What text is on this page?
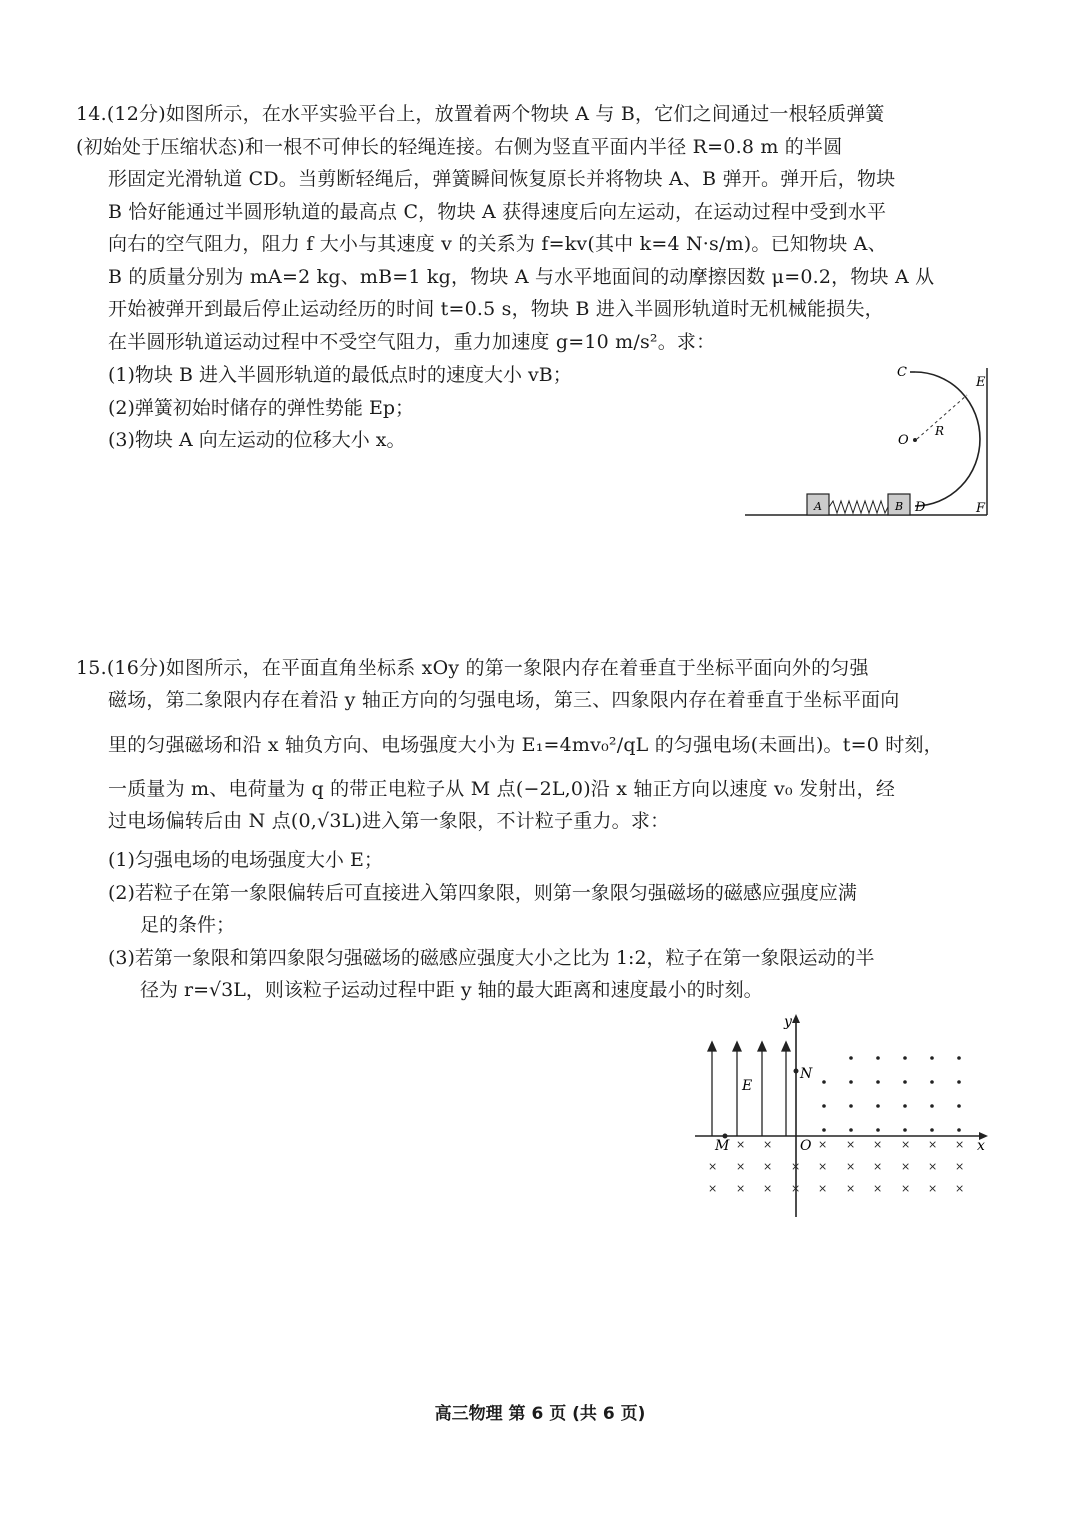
14.(12分)如图所示，在水平实验平台上，放置着两个物块 A 与 B，它们之间通过一根轻质弹簧
(初始处于压缩状态)和一根不可伸长的轻绳连接。右侧为竖直平面内半径 R=0.8 m 的半圆
形固定光滑轨道 CD。当剪断轻绳后，弹簧瞬间恢复原长并将物块 A、B 弹开。弹开后，物块
B 恰好能通过半圆形轨道的最高点 C，物块 A 获得速度后向左运动，在运动过程中受到水平
向右的空气阻力，阻力 f 大小与其速度 v 的关系为 f=kv(其中 k=4 N·s/m)。已知物块 A、
B 的质量分别为 mA=2 kg、mB=1 kg，物块 A 与水平地面间的动摩擦因数 μ=0.2，物块 A 从
开始被弹开到最后停止运动经历的时间 t=0.5 s，物块 B 进入半圆形轨道时无机械能损失，
在半圆形轨道运动过程中不受空气阻力，重力加速度 g=10 m/s²。求：
(1)物块 B 进入半圆形轨道的最低点时的速度大小 vB；
(2)弹簧初始时储存的弹性势能 Ep；
(3)物块 A 向左运动的位移大小 x。
C
E
O
R
A	B D	F
15.(16分)如图所示，在平面直角坐标系 xOy 的第一象限内存在着垂直于坐标平面向外的匀强
磁场，第二象限内存在着沿 y 轴正方向的匀强电场，第三、四象限内存在着垂直于坐标平面向
里的匀强磁场和沿 x 轴负方向、电场强度大小为 E₁=4mv₀²/qL 的匀强电场(未画出)。t=0 时刻，
一质量为 m、电荷量为 q 的带正电粒子从 M 点(−2L,0)沿 x 轴正方向以速度 v₀ 发射出，经
过电场偏转后由 N 点(0,√3L)进入第一象限，不计粒子重力。求：
(1)匀强电场的电场强度大小 E；
(2)若粒子在第一象限偏转后可直接进入第四象限，则第一象限匀强磁场的磁感应强度应满
足的条件；
(3)若第一象限和第四象限匀强磁场的磁感应强度大小之比为 1:2，粒子在第一象限运动的半
径为 r=√3L，则该粒子运动过程中距 y 轴的最大距离和速度最小的时刻。
× ×	× × × × × ×
× × × × × × × × × ×
× × × × × × × × × ×
y
x
E
N
M	O
高三物理 第 6 页 (共 6 页)
